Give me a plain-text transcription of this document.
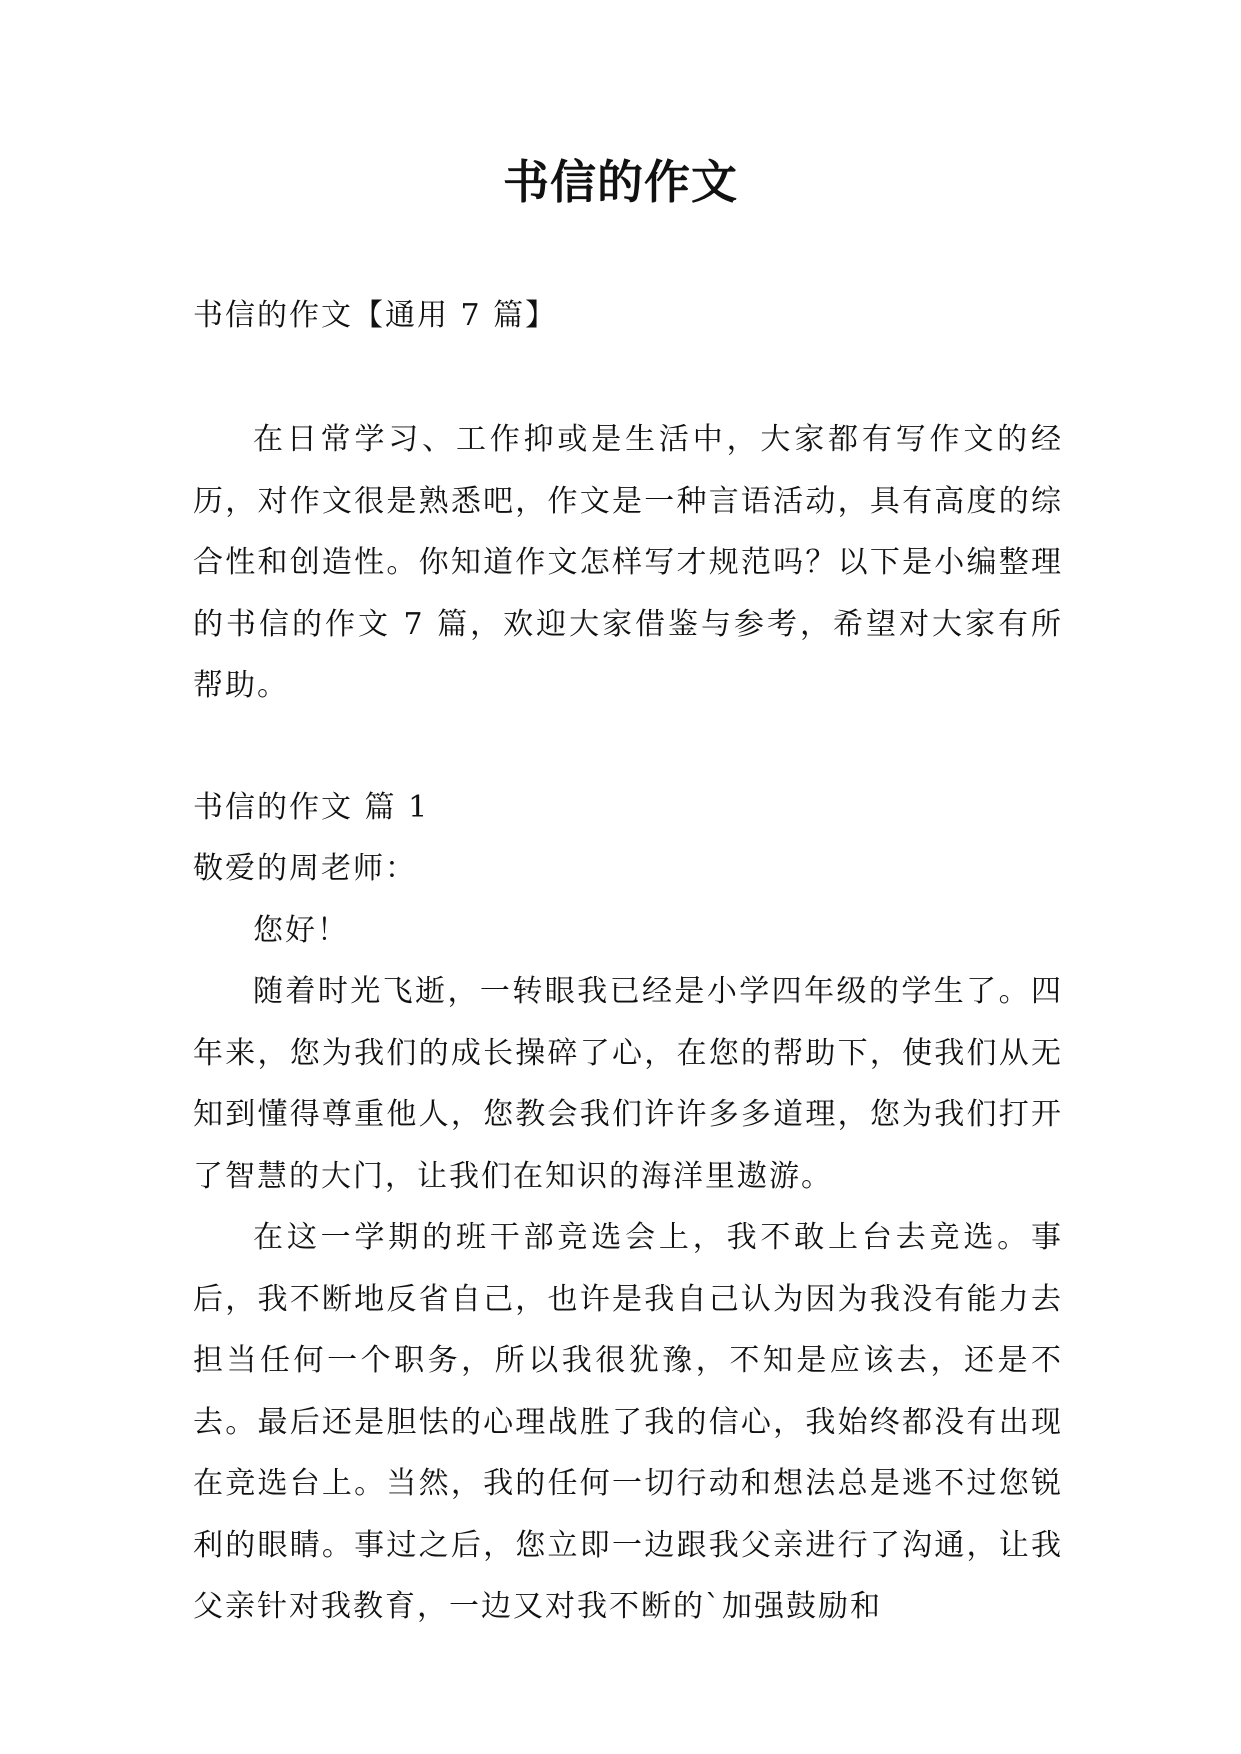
书信的作文

书信的作文【通用 7 篇】

在日常学习、工作抑或是生活中，大家都有写作文的经历，对作文很是熟悉吧，作文是一种言语活动，具有高度的综合性和创造性。你知道作文怎样写才规范吗？以下是小编整理的书信的作文 7 篇，欢迎大家借鉴与参考，希望对大家有所帮助。

书信的作文 篇 1

敬爱的周老师：

您好！

随着时光飞逝，一转眼我已经是小学四年级的学生了。四年来，您为我们的成长操碎了心，在您的帮助下，使我们从无知到懂得尊重他人，您教会我们许许多多道理，您为我们打开了智慧的大门，让我们在知识的海洋里遨游。

在这一学期的班干部竞选会上，我不敢上台去竞选。事后，我不断地反省自己，也许是我自己认为因为我没有能力去担当任何一个职务，所以我很犹豫，不知是应该去，还是不去。最后还是胆怯的心理战胜了我的信心，我始终都没有出现在竞选台上。当然，我的任何一切行动和想法总是逃不过您锐利的眼睛。事过之后，您立即一边跟我父亲进行了沟通，让我父亲针对我教育，一边又对我不断的`加强鼓励和
